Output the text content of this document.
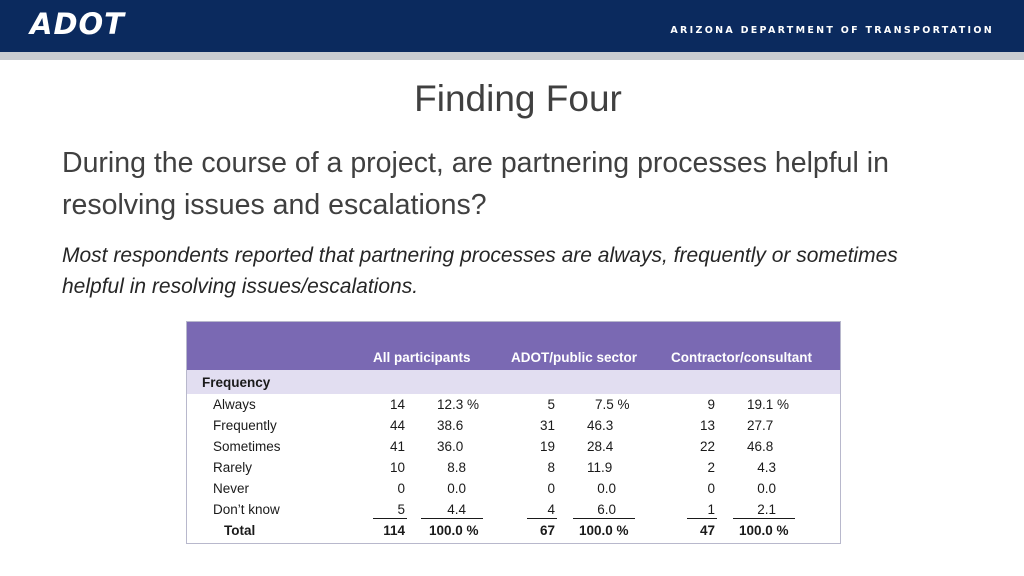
ADOT	ARIZONA DEPARTMENT OF TRANSPORTATION
Finding Four
During the course of a project, are partnering processes helpful in resolving issues and escalations?
Most respondents reported that partnering processes are always, frequently or sometimes helpful in resolving issues/escalations.
All participants	ADOT/public sector	Contractor/consultant
Frequency
Always	14 12.3 %	5	7.5 %	9 19.1 %
Frequently	44 38.6	31 46.3	13 27.7
Sometimes	41 36.0	19 28.4	22 46.8
Rarely	10	8.8	8 11.9	2	4.3
Never	0	0.0	0	0.0	0	0.0
Don’t know	5	4.4	4	6.0	1	2.1
Total	114 100.0 %	67 100.0 %	47 100.0 %
